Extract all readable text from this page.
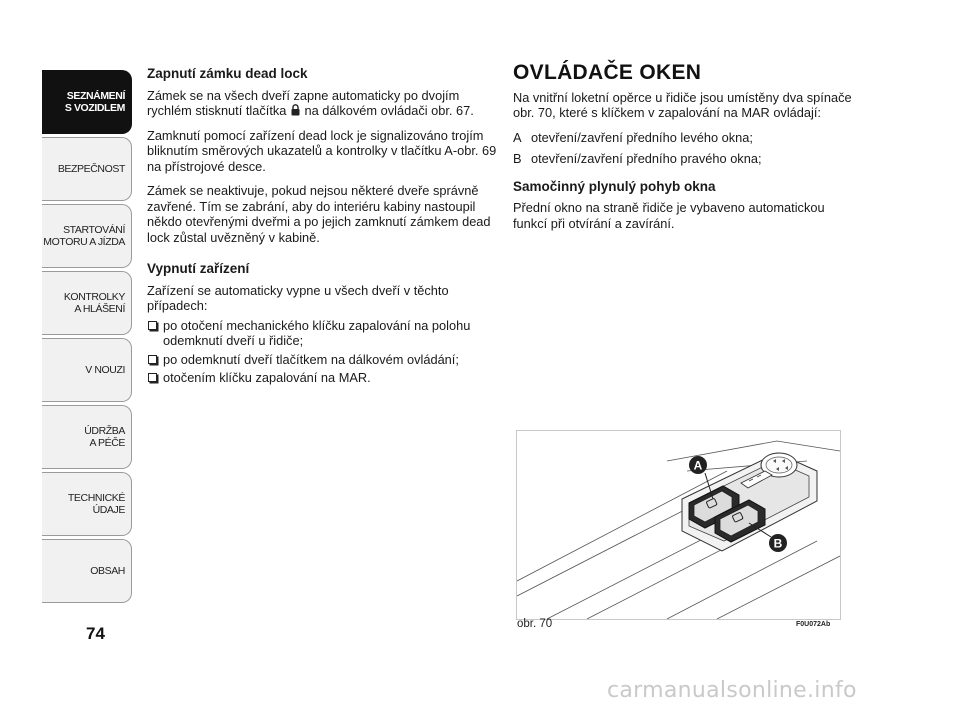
SEZNÁMENÍ
S VOZIDLEM
BEZPEČNOST
STARTOVÁNÍ
MOTORU A JÍZDA
KONTROLKY
A HLÁŠENÍ
V NOUZI
ÚDRŽBA
A PÉČE
TECHNICKÉ
ÚDAJE
OBSAH
74
Zapnutí zámku dead lock
Zámek se na všech dveří zapne automaticky po dvojím rychlém stisknutí tlačítka na dálkovém ovládači obr. 67.
Zamknutí pomocí zařízení dead lock je signalizováno trojím bliknutím směrových ukazatelů a kontrolky v tlačítku A-obr. 69 na přístrojové desce.
Zámek se neaktivuje, pokud nejsou některé dveře správně zavřené. Tím se zabrání, aby do interiéru kabiny nastoupil někdo otevřenými dveřmi a po jejich zamknutí zámkem dead lock zůstal uvězněný v kabině.
Vypnutí zařízení
Zařízení se automaticky vypne u všech dveří v těchto případech:
po otočení mechanického klíčku zapalování na polohu odemknutí dveří u řidiče;
po odemknutí dveří tlačítkem na dálkovém ovládání;
otočením klíčku zapalování na MAR.
OVLÁDAČE OKEN
Na vnitřní loketní opěrce u řidiče jsou umístěny dva spínače obr. 70, které s klíčkem v zapalování na MAR ovládají:
A otevření/zavření předního levého okna;
B otevření/zavření předního pravého okna;
Samočinný plynulý pohyb okna
Přední okno na straně řidiče je vybaveno automatickou funkcí při otvírání a zavírání.
A
B
obr. 70	F0U072Ab
carmanualsonline.info
